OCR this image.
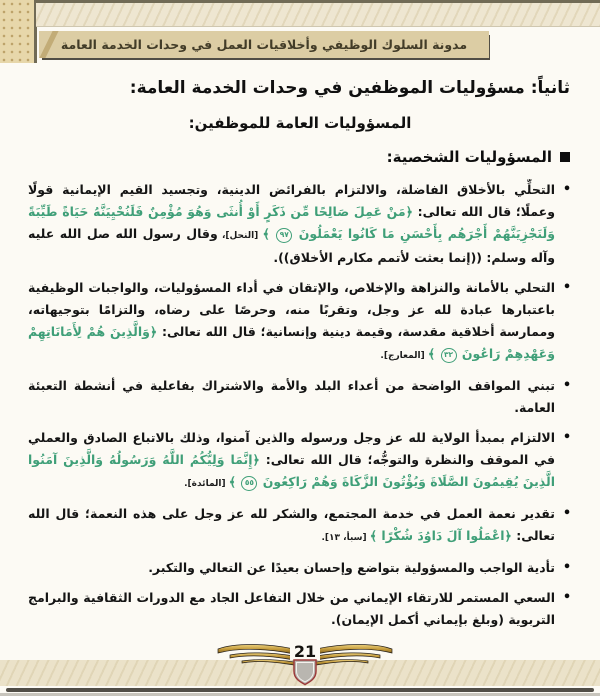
مدونة السلوك الوظيفي وأخلاقيات العمل في وحدات الخدمة العامة
ثانياً: مسؤوليات الموظفين في وحدات الخدمة العامة:
المسؤوليات العامة للموظفين:
المسؤوليات الشخصية:
•

التحلِّي بالأخلاق الفاضلة، والالتزام بالفرائض الدينية، وتجسيد القيم الإيمانية قولًا وعملًا؛ قال الله تعالى: ﴿مَنْ عَمِلَ صَالِحًا مِّن ذَكَرٍ أَوْ أُنثَى وَهُوَ مُؤْمِنٌ فَلَنُحْيِيَنَّهُ حَيَاةً طَيِّبَةً وَلَنَجْزِيَنَّهُمْ أَجْرَهُم بِأَحْسَنِ مَا كَانُوا يَعْمَلُونَ ٩٧ ﴾ [النحل]، وقال رسول الله صل الله عليه وآله وسلم: ((إنما بعثت لأتمم مكارم الأخلاق)).

•

التحلي بالأمانة والنزاهة والإخلاص، والإتقان في أداء المسؤوليات، والواجبات الوظيفية باعتبارها عبادة لله عز وجل، وتقربًا منه، وحرصًا على رضاه، والتزامًا بتوجيهاته، وممارسة أخلاقية مقدسة، وقيمة دينية وإنسانية؛ قال الله تعالى: ﴿وَالَّذِينَ هُمْ لِأَمَانَاتِهِمْ وَعَهْدِهِمْ رَاعُونَ ٣٢ ﴾ [المعارج].

•

تبني المواقف الواضحة من أعداء البلد والأمة والاشتراك بفاعلية في أنشطة التعبئة العامة.

•

الالتزام بمبدأ الولاية لله عز وجل ورسوله والذين آمنوا، وذلك بالاتباع الصادق والعملي في الموقف والنظرة والتوجُّه؛ قال الله تعالى: ﴿إِنَّمَا وَلِيُّكُمُ اللَّهُ وَرَسُولُهُ وَالَّذِينَ آمَنُوا الَّذِينَ يُقِيمُونَ الصَّلَاةَ وَيُؤْتُونَ الزَّكَاةَ وَهُمْ رَاكِعُونَ ٥٥ ﴾ [المائدة].

•

تقدير نعمة العمل في خدمة المجتمع، والشكر لله عز وجل على هذه النعمة؛ قال الله تعالى: ﴿اعْمَلُوا آلَ دَاوُدَ شُكْرًا ﴾ [سبأ، ١٣].

•

تأدية الواجب والمسؤولية بتواضع وإحسان بعيدًا عن التعالي والتكبر.

•

السعي المستمر للارتقاء الإيماني من خلال التفاعل الجاد مع الدورات الثقافية والبرامج التربوية (وبلغ بإيماني أكمل الإيمان).

21
